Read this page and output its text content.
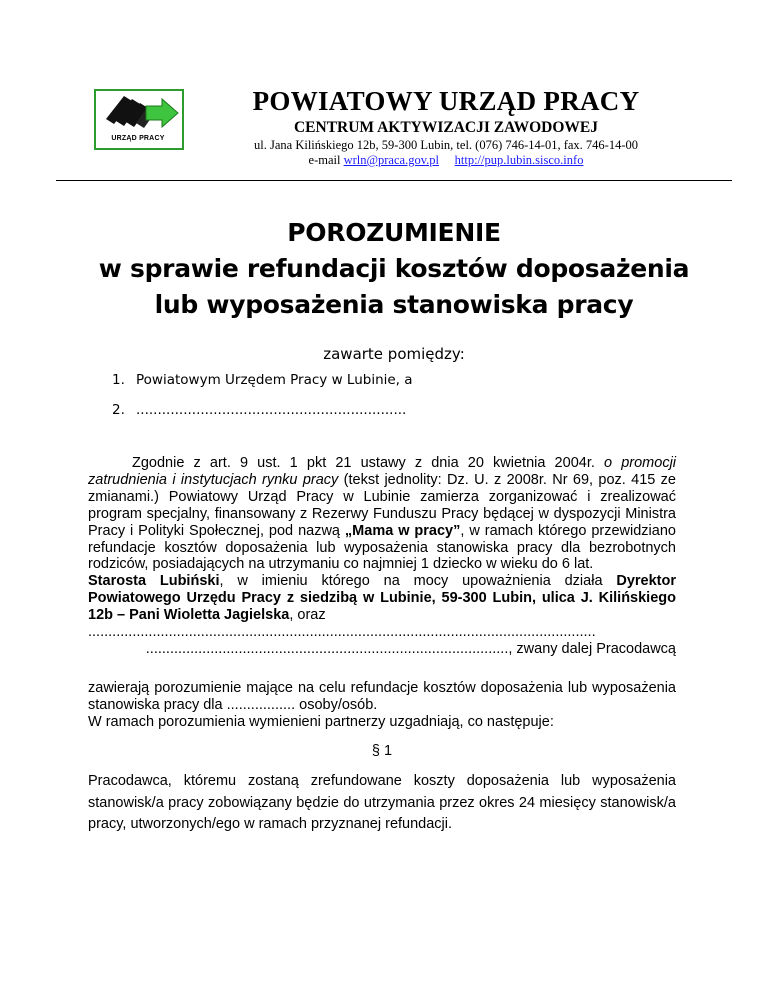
URZĄD PRACY
POWIATOWY URZĄD PRACY
CENTRUM AKTYWIZACJI ZAWODOWEJ
ul. Jana Kilińskiego 12b, 59-300 Lubin, tel. (076) 746-14-01, fax. 746-14-00
e-mail wrln@praca.gov.pl http://pup.lubin.sisco.info
POROZUMIENIE
w sprawie refundacji kosztów doposażenia
lub wyposażenia stanowiska pracy
zawarte pomiędzy:
1. Powiatowym Urzędem Pracy w Lubinie, a
2. ...............................................................
Zgodnie z art. 9 ust. 1 pkt 21 ustawy z dnia 20 kwietnia 2004r. o promocji zatrudnienia i instytucjach rynku pracy (tekst jednolity: Dz. U. z 2008r. Nr 69, poz. 415 ze zmianami.) Powiatowy Urząd Pracy w Lubinie zamierza zorganizować i zrealizować program specjalny, finansowany z Rezerwy Funduszu Pracy będącej w dyspozycji Ministra Pracy i Polityki Społecznej, pod nazwą „Mama w pracy”, w ramach którego przewidziano refundacje kosztów doposażenia lub wyposażenia stanowiska pracy dla bezrobotnych rodziców, posiadających na utrzymaniu co najmniej 1 dziecko w wieku do 6 lat.
Starosta Lubiński, w imieniu którego na mocy upoważnienia działa Dyrektor Powiatowego Urzędu Pracy z siedzibą w Lubinie, 59-300 Lubin, ulica J. Kilińskiego 12b – Pani Wioletta Jagielska, oraz
..............................................................................................................................
.........................................................................................., zwany dalej Pracodawcą
zawierają porozumienie mające na celu refundacje kosztów doposażenia lub wyposażenia stanowiska pracy dla ................. osoby/osób.
W ramach porozumienia wymienieni partnerzy uzgadniają, co następuje:
§ 1
Pracodawca, któremu zostaną zrefundowane koszty doposażenia lub wyposażenia stanowisk/a pracy zobowiązany będzie do utrzymania przez okres 24 miesięcy stanowisk/a pracy, utworzonych/ego w ramach przyznanej refundacji.
